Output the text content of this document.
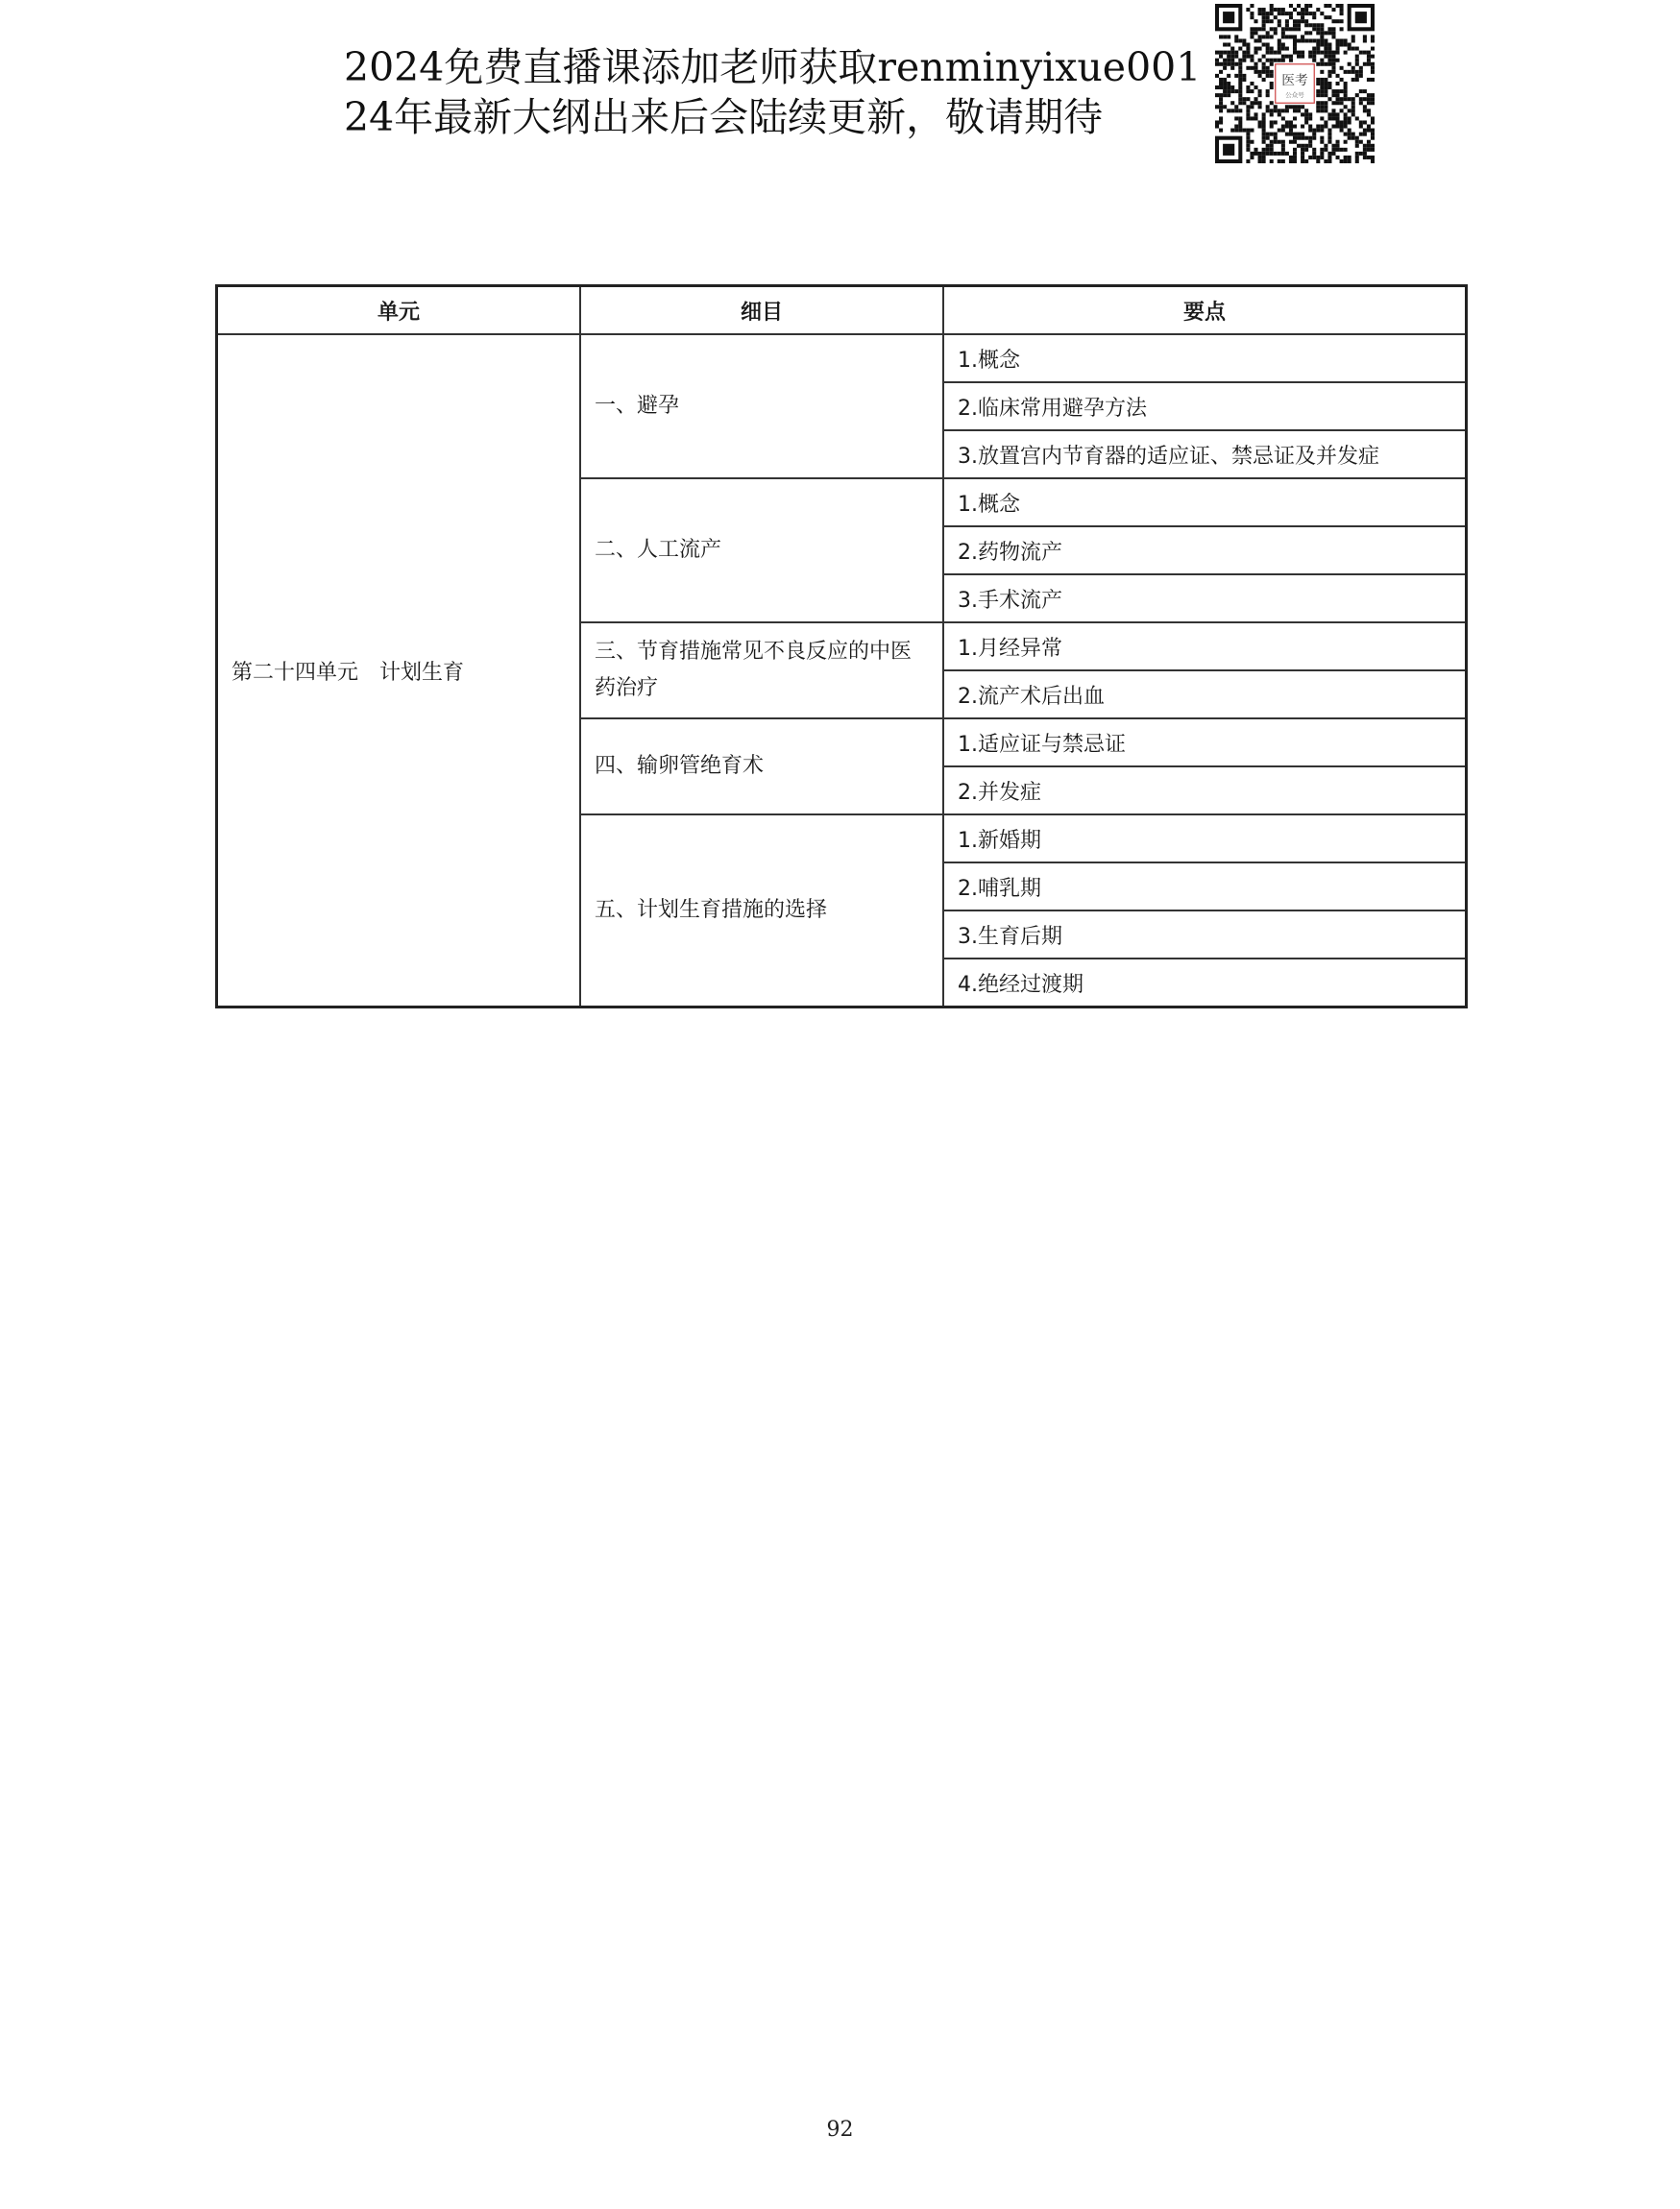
2024免费直播课添加老师获取renminyixue001
24年最新大纲出来后会陆续更新，敬请期待
医考
公众号
单元	细目	要点
第二十四单元　计划生育	一、避孕	1.概念
		2.临床常用避孕方法
		3.放置宫内节育器的适应证、禁忌证及并发症
	二、人工流产	1.概念
		2.药物流产
		3.手术流产
	三、节育措施常见不良反应的中医药治疗	1.月经异常
		2.流产术后出血
	四、输卵管绝育术	1.适应证与禁忌证
		2.并发症
	五、计划生育措施的选择	1.新婚期
		2.哺乳期
		3.生育后期
		4.绝经过渡期
92
